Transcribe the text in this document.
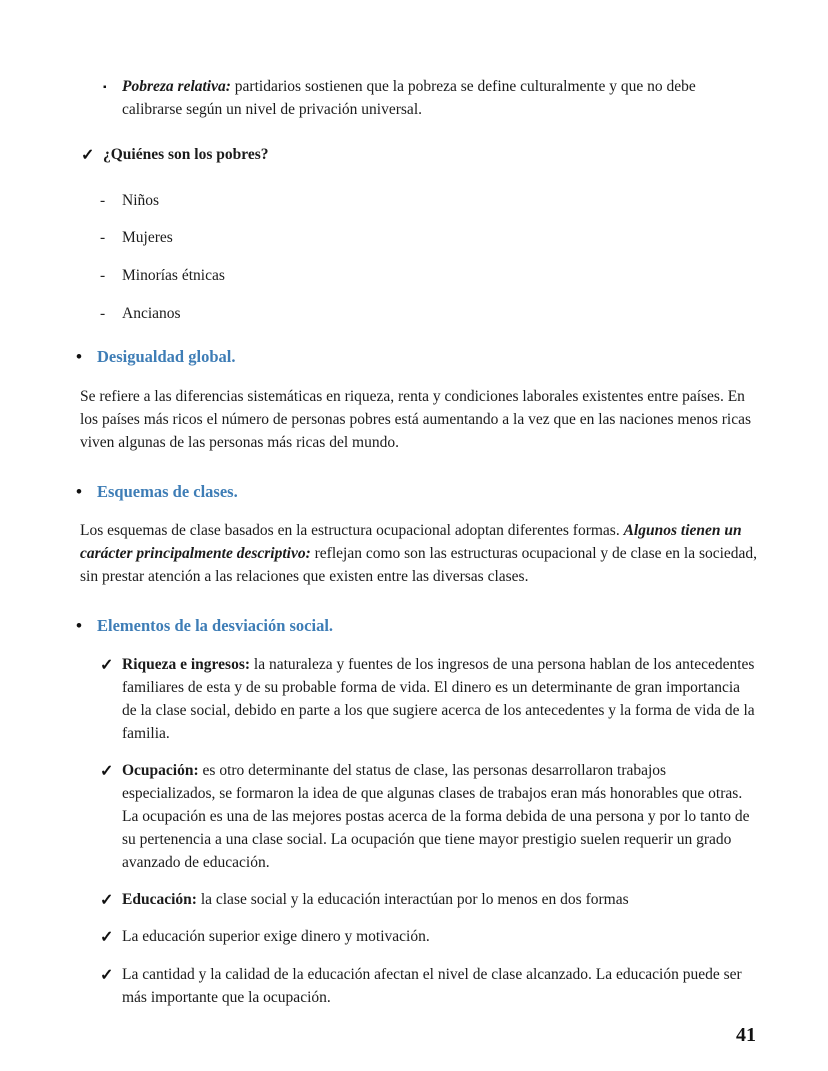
▪ Pobreza relativa: partidarios sostienen que la pobreza se define culturalmente y que no debe calibrarse según un nivel de privación universal.

✓ ¿Quiénes son los pobres?
-	Niños
-	Mujeres
-	Minorías étnicas
-	Ancianos
• Desigualdad global.

Se refiere a las diferencias sistemáticas en riqueza, renta y condiciones laborales existentes entre países. En los países más ricos el número de personas pobres está aumentando a la vez que en las naciones menos ricas viven algunas de las personas más ricas del mundo.

• Esquemas de clases.

Los esquemas de clase basados en la estructura ocupacional adoptan diferentes formas. Algunos tienen un carácter principalmente descriptivo: reflejan como son las estructuras ocupacional y de clase en la sociedad, sin prestar atención a las relaciones que existen entre las diversas clases.

• Elementos de la desviación social.
✓ Riqueza e ingresos: la naturaleza y fuentes de los ingresos de una persona hablan de los antecedentes familiares de esta y de su probable forma de vida. El dinero es un determinante de gran importancia de la clase social, debido en parte a los que sugiere acerca de los antecedentes y la forma de vida de la familia.

✓ Ocupación: es otro determinante del status de clase, las personas desarrollaron trabajos especializados, se formaron la idea de que algunas clases de trabajos eran más honorables que otras. La ocupación es una de las mejores postas acerca de la forma debida de una persona y por lo tanto de su pertenencia a una clase social. La ocupación que tiene mayor prestigio suelen requerir un grado avanzado de educación.

✓ Educación: la clase social y la educación interactúan por lo menos en dos formas

✓ La educación superior exige dinero y motivación.

✓ La cantidad y la calidad de la educación afectan el nivel de clase alcanzado. La educación puede ser más importante que la ocupación.

41
